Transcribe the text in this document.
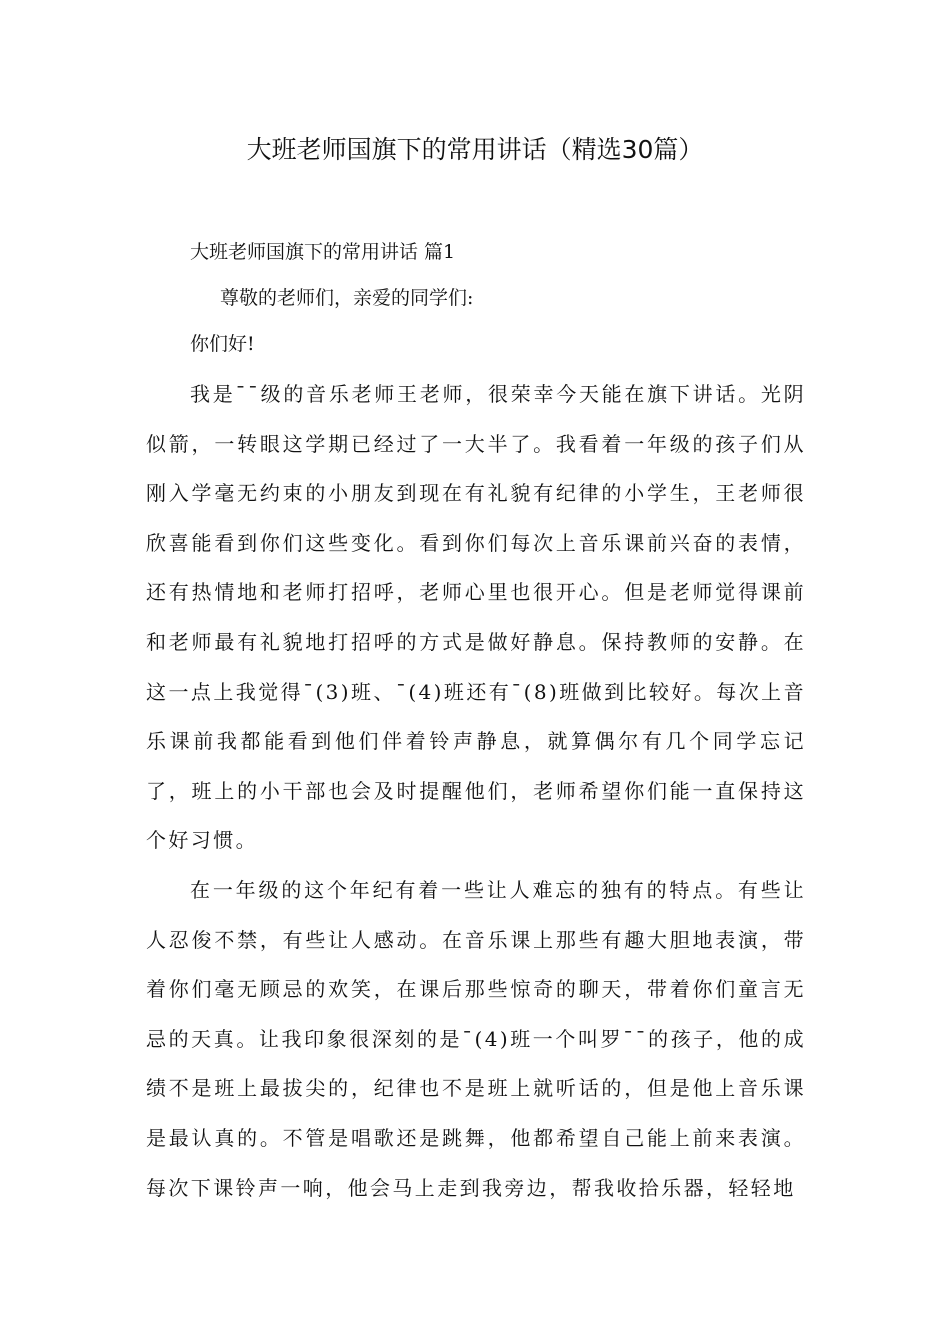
大班老师国旗下的常用讲话（精选30篇）
大班老师国旗下的常用讲话 篇1
尊敬的老师们，亲爱的同学们:
你们好!

我是¯¯级的音乐老师王老师，很荣幸今天能在旗下讲话。光阴似箭，一转眼这学期已经过了一大半了。我看着一年级的孩子们从刚入学毫无约束的小朋友到现在有礼貌有纪律的小学生，王老师很欣喜能看到你们这些变化。看到你们每次上音乐课前兴奋的表情，还有热情地和老师打招呼，老师心里也很开心。但是老师觉得课前和老师最有礼貌地打招呼的方式是做好静息。保持教师的安静。在这一点上我觉得¯(3)班、¯(4)班还有¯(8)班做到比较好。每次上音乐课前我都能看到他们伴着铃声静息，就算偶尔有几个同学忘记了，班上的小干部也会及时提醒他们，老师希望你们能一直保持这个好习惯。

在一年级的这个年纪有着一些让人难忘的独有的特点。有些让人忍俊不禁，有些让人感动。在音乐课上那些有趣大胆地表演，带着你们毫无顾忌的欢笑，在课后那些惊奇的聊天，带着你们童言无忌的天真。让我印象很深刻的是¯(4)班一个叫罗¯¯的孩子，他的成绩不是班上最拔尖的，纪律也不是班上就听话的，但是他上音乐课是最认真的。不管是唱歌还是跳舞，他都希望自己能上前来表演。每次下课铃声一响，他会马上走到我旁边，帮我收拾乐器，轻轻地
